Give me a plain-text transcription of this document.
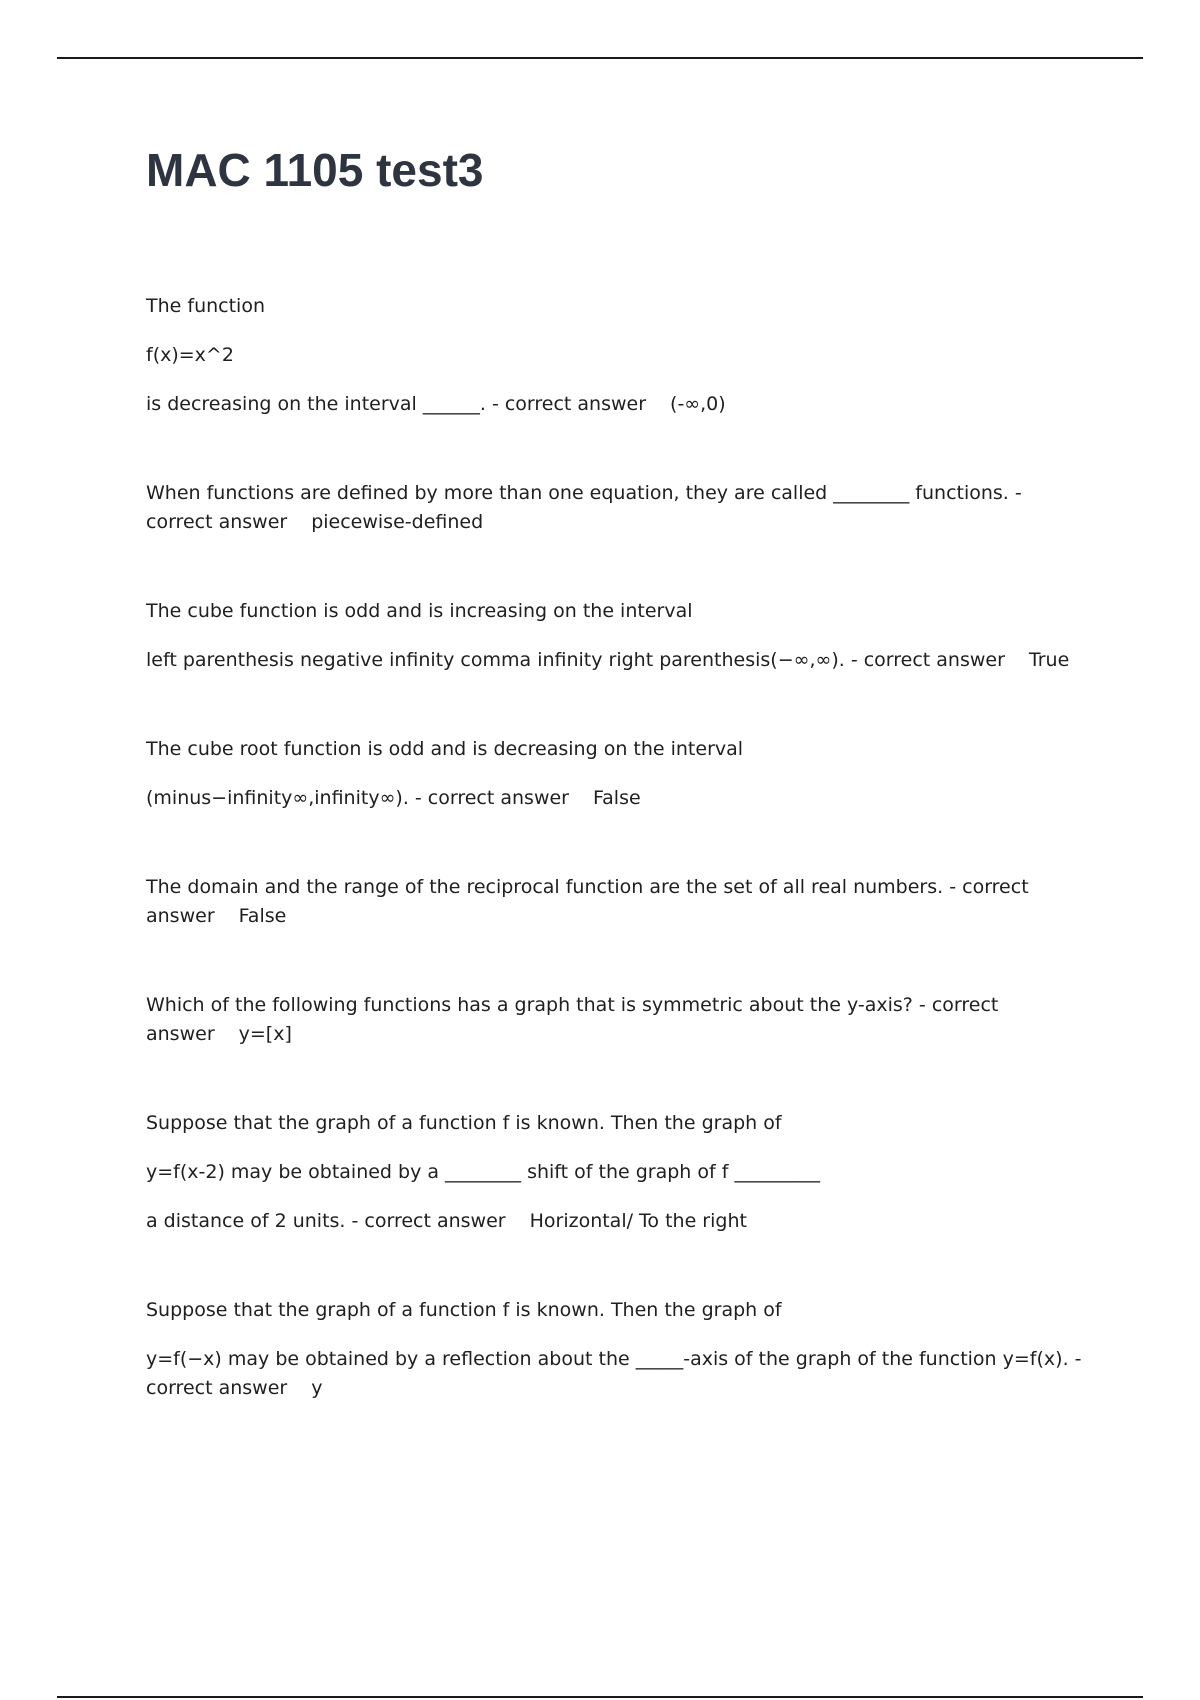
MAC 1105 test3

The function

f(x)=x^2

is decreasing on the interval ______. - correct answer (-∞,0)

When functions are defined by more than one equation, they are called ________ functions. - correct answer piecewise-defined

The cube function is odd and is increasing on the interval

left parenthesis negative infinity comma infinity right parenthesis(−∞,∞). - correct answer True

The cube root function is odd and is decreasing on the interval

(minus−infinity∞,infinity∞). - correct answer False

The domain and the range of the reciprocal function are the set of all real numbers. - correct answer False

Which of the following functions has a graph that is symmetric about the y-axis? - correct answer y=[x]

Suppose that the graph of a function f is known. Then the graph of

y=f(x-2) may be obtained by a ________ shift of the graph of f _________

a distance of 2 units. - correct answer Horizontal/ To the right

Suppose that the graph of a function f is known. Then the graph of

y=f(−x) may be obtained by a reflection about the _____-axis of the graph of the function y=f(x). - correct answer y
